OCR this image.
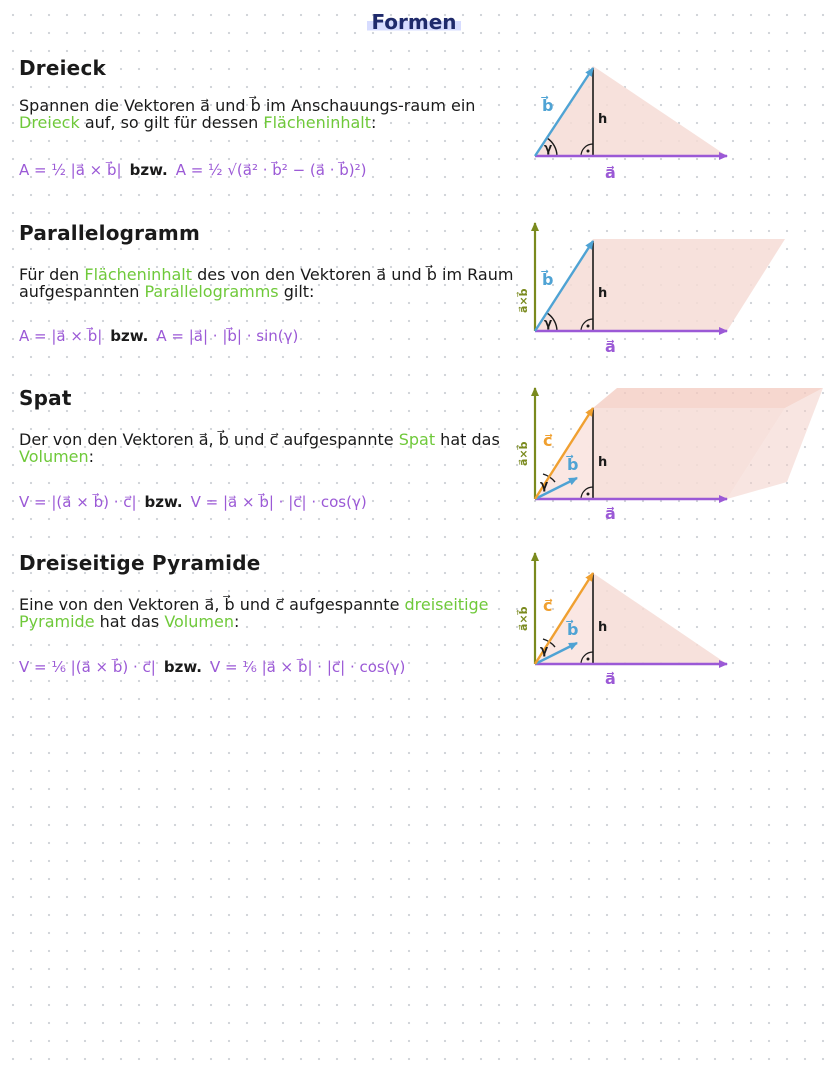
Formen
Dreieck
Spannen die Vektoren a⃗ und b⃗ im Anschauungs-raum ein Dreieck auf, so gilt für dessen Flächeninhalt:
A = ½ |a⃗ × b⃗| bzw. A = ½ √(a⃗² · b⃗² − (a⃗ · b⃗)²)	a⃗
b⃗
h
γ
Parallelogramm
Für den Flächeninhalt des von den Vektoren a⃗ und b⃗ im Raum aufgespannten Parallelogramms gilt:
A = |a⃗ × b⃗| bzw. A = |a⃗| · |b⃗| · sin(γ)
a⃗
b⃗
h
γ
a⃗×b⃗
Spat
Der von den Vektoren a⃗, b⃗ und c⃗ aufgespannte Spat hat das Volumen:
V = |(a⃗ × b⃗) · c⃗| bzw. V = |a⃗ × b⃗| · |c⃗| · cos(γ)
a⃗
b⃗
c⃗
h
γ
a⃗×b⃗
Dreiseitige Pyramide
Eine von den Vektoren a⃗, b⃗ und c⃗ aufgespannte dreiseitige Pyramide hat das Volumen:
V = ⅙ |(a⃗ × b⃗) · c⃗| bzw. V = ⅙ |a⃗ × b⃗| · |c⃗| · cos(γ)
a⃗
b⃗
c⃗
h
γ
a⃗×b⃗
